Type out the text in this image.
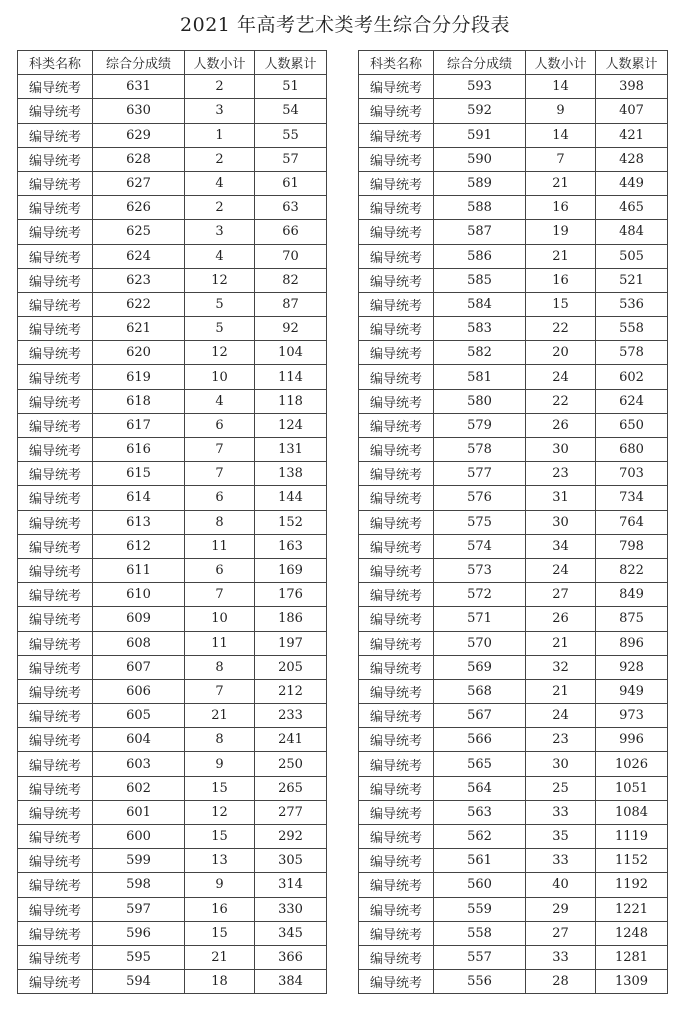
2021 年高考艺术类考生综合分分段表
科类名称	综合分成绩	人数小计	人数累计
编导统考	631	2	51
编导统考	630	3	54
编导统考	629	1	55
编导统考	628	2	57
编导统考	627	4	61
编导统考	626	2	63
编导统考	625	3	66
编导统考	624	4	70
编导统考	623	12	82
编导统考	622	5	87
编导统考	621	5	92
编导统考	620	12	104
编导统考	619	10	114
编导统考	618	4	118
编导统考	617	6	124
编导统考	616	7	131
编导统考	615	7	138
编导统考	614	6	144
编导统考	613	8	152
编导统考	612	11	163
编导统考	611	6	169
编导统考	610	7	176
编导统考	609	10	186
编导统考	608	11	197
编导统考	607	8	205
编导统考	606	7	212
编导统考	605	21	233
编导统考	604	8	241
编导统考	603	9	250
编导统考	602	15	265
编导统考	601	12	277
编导统考	600	15	292
编导统考	599	13	305
编导统考	598	9	314
编导统考	597	16	330
编导统考	596	15	345
编导统考	595	21	366
编导统考	594	18	384
科类名称	综合分成绩	人数小计	人数累计
编导统考	593	14	398
编导统考	592	9	407
编导统考	591	14	421
编导统考	590	7	428
编导统考	589	21	449
编导统考	588	16	465
编导统考	587	19	484
编导统考	586	21	505
编导统考	585	16	521
编导统考	584	15	536
编导统考	583	22	558
编导统考	582	20	578
编导统考	581	24	602
编导统考	580	22	624
编导统考	579	26	650
编导统考	578	30	680
编导统考	577	23	703
编导统考	576	31	734
编导统考	575	30	764
编导统考	574	34	798
编导统考	573	24	822
编导统考	572	27	849
编导统考	571	26	875
编导统考	570	21	896
编导统考	569	32	928
编导统考	568	21	949
编导统考	567	24	973
编导统考	566	23	996
编导统考	565	30	1026
编导统考	564	25	1051
编导统考	563	33	1084
编导统考	562	35	1119
编导统考	561	33	1152
编导统考	560	40	1192
编导统考	559	29	1221
编导统考	558	27	1248
编导统考	557	33	1281
编导统考	556	28	1309
